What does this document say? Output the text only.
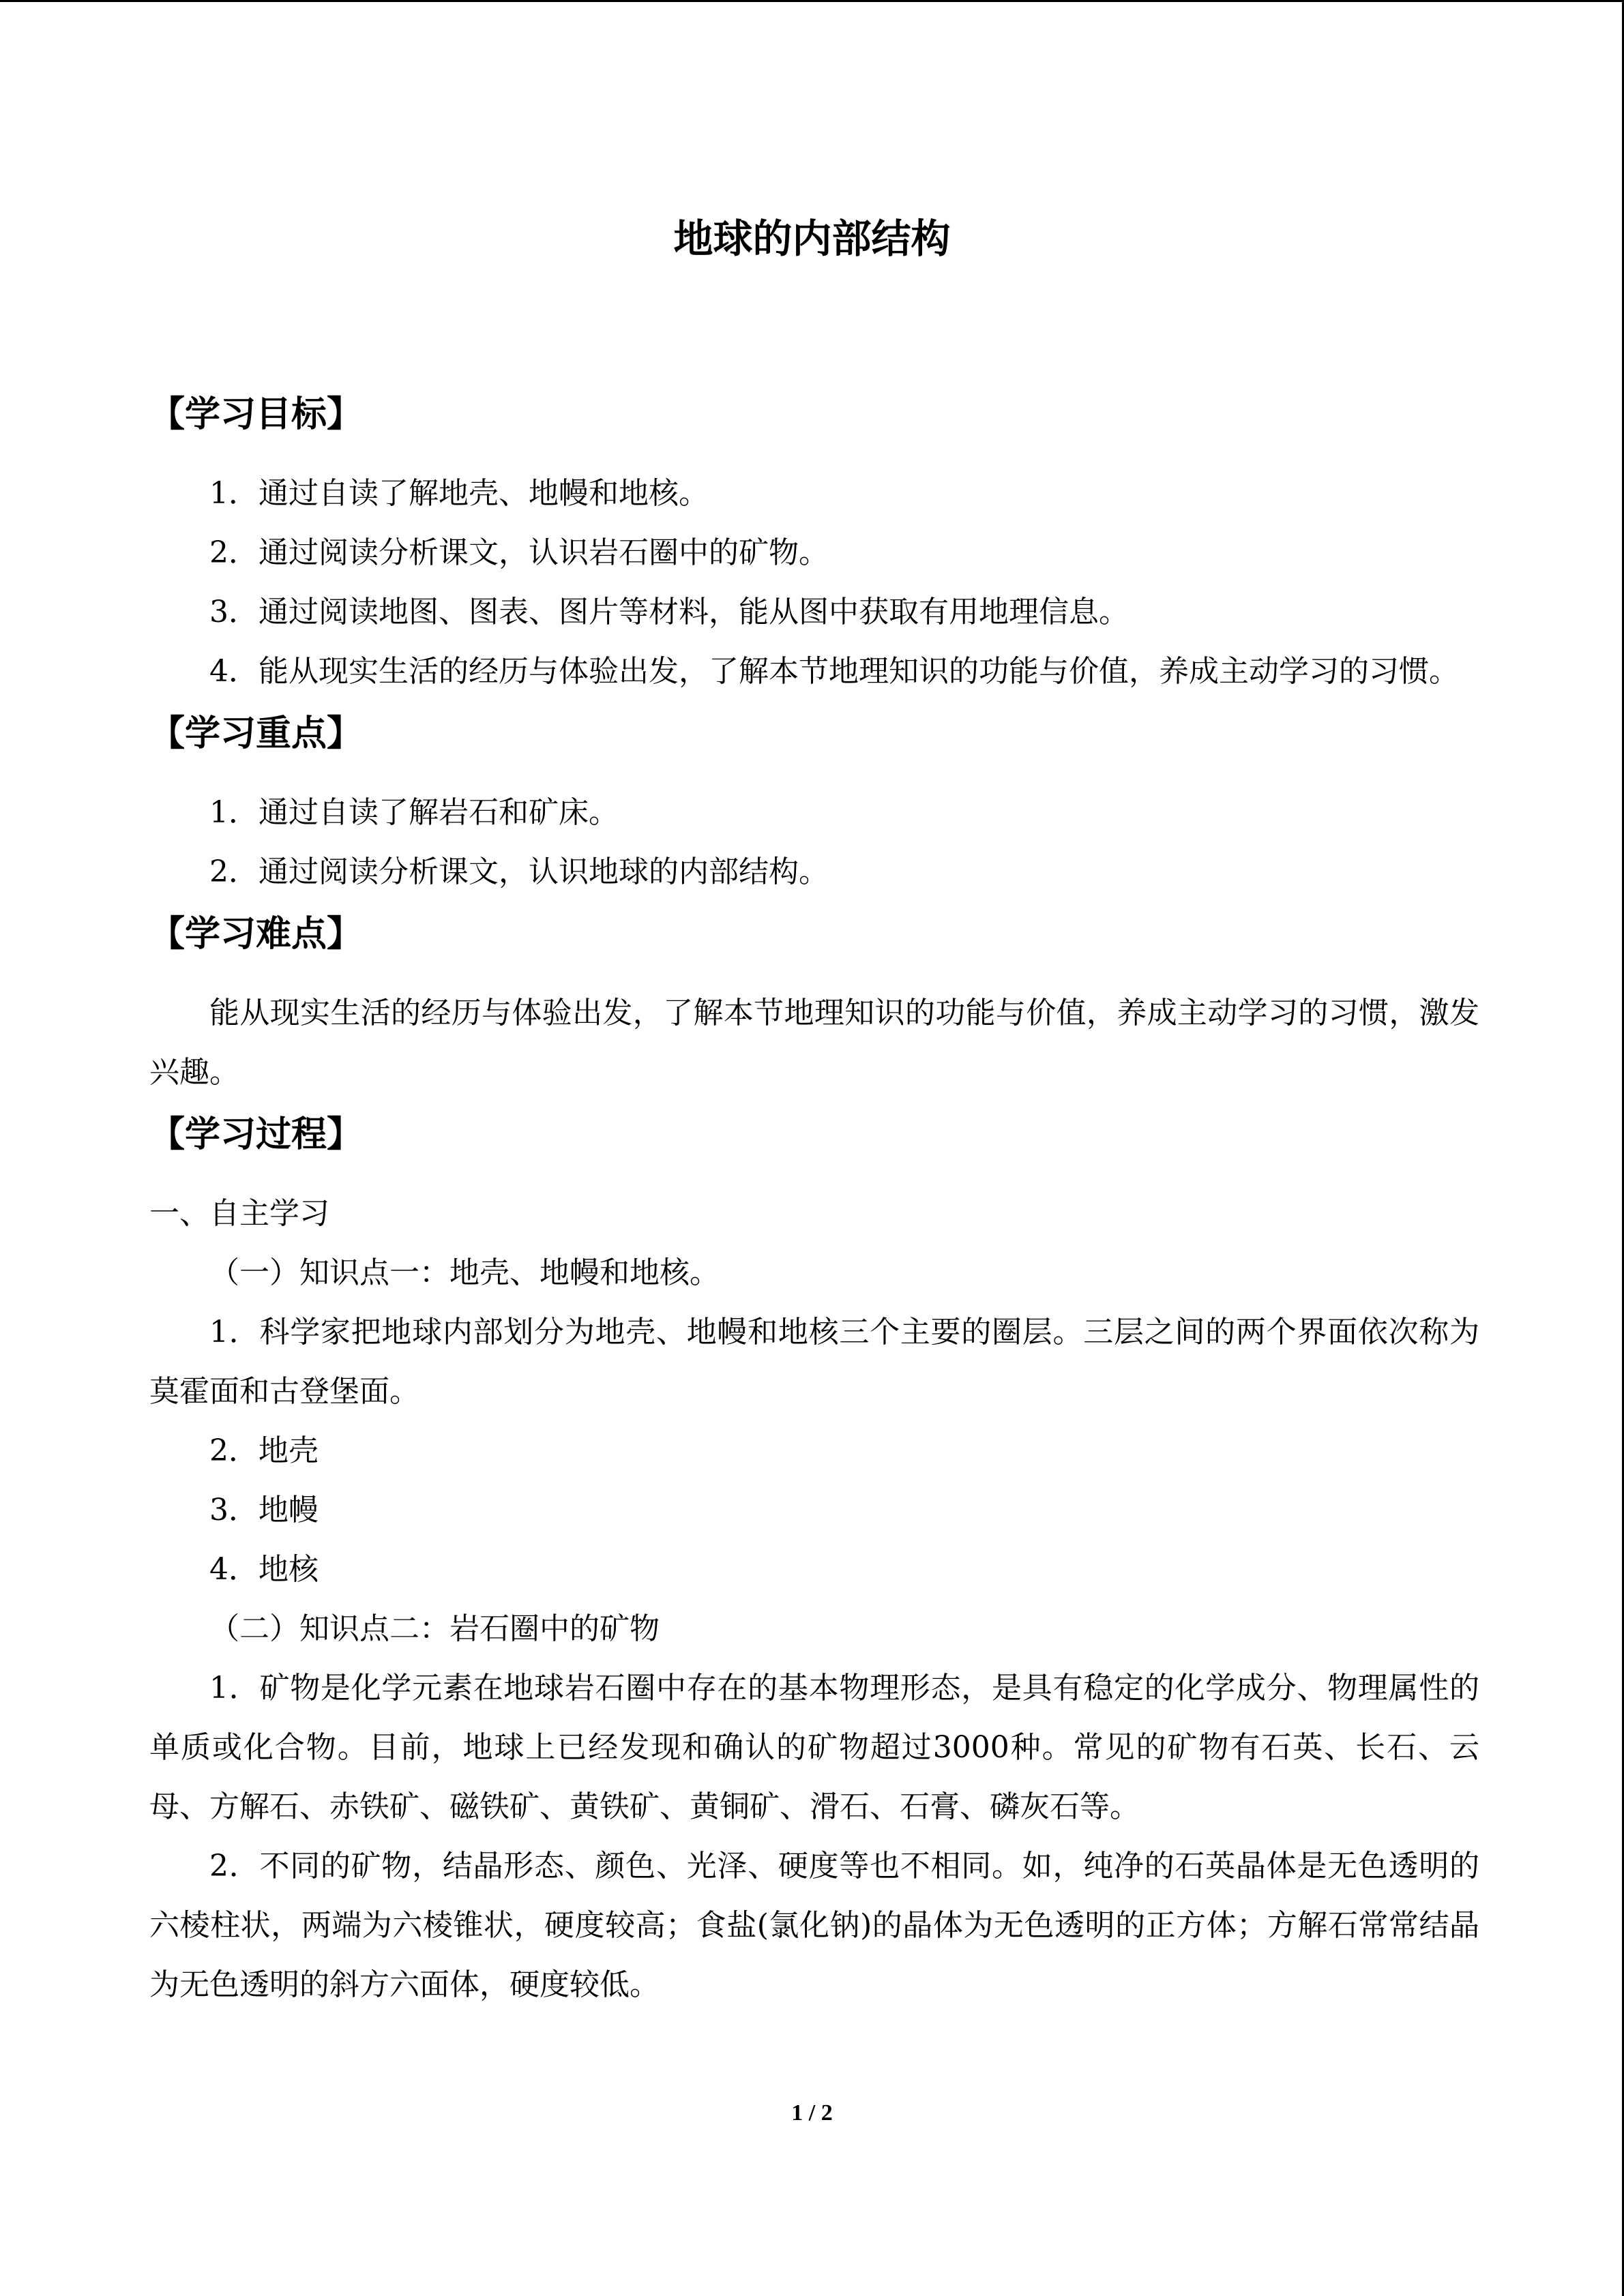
地球的内部结构
【学习目标】

1．通过自读了解地壳、地幔和地核。

2．通过阅读分析课文，认识岩石圈中的矿物。

3．通过阅读地图、图表、图片等材料，能从图中获取有用地理信息。

4．能从现实生活的经历与体验出发，了解本节地理知识的功能与价值，养成主动学习的习惯。

【学习重点】

1．通过自读了解岩石和矿床。

2．通过阅读分析课文，认识地球的内部结构。

【学习难点】

能从现实生活的经历与体验出发，了解本节地理知识的功能与价值，养成主动学习的习惯，激发兴趣。

【学习过程】

一、自主学习

（一）知识点一：地壳、地幔和地核。

1．科学家把地球内部划分为地壳、地幔和地核三个主要的圈层。三层之间的两个界面依次称为莫霍面和古登堡面。

2．地壳

3．地幔

4．地核

（二）知识点二：岩石圈中的矿物

1．矿物是化学元素在地球岩石圈中存在的基本物理形态，是具有稳定的化学成分、物理属性的单质或化合物。目前，地球上已经发现和确认的矿物超过3000种。常见的矿物有石英、长石、云母、方解石、赤铁矿、磁铁矿、黄铁矿、黄铜矿、滑石、石膏、磷灰石等。

2．不同的矿物，结晶形态、颜色、光泽、硬度等也不相同。如，纯净的石英晶体是无色透明的六棱柱状，两端为六棱锥状，硬度较高；食盐(氯化钠)的晶体为无色透明的正方体；方解石常常结晶为无色透明的斜方六面体，硬度较低。

1 / 2
